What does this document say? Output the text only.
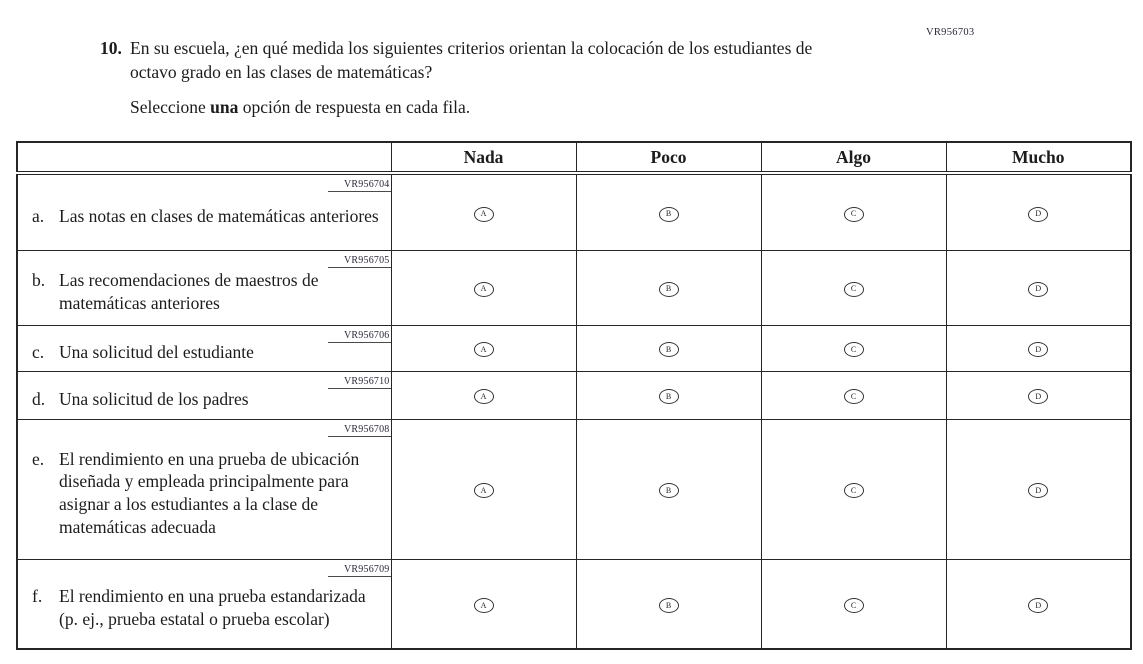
VR956703
10. En su escuela, ¿en qué medida los siguientes criterios orientan la colocación de los estudiantes de octavo grado en las clases de matemáticas?
Seleccione una opción de respuesta en cada fila.
	Nada	Poco	Algo	Mucho

VR956704
a. Las notas en clases de matemáticas anteriores	A	B	C	D

VR956705
b. Las recomendaciones de maestros de matemáticas anteriores	A	B	C	D

VR956706
c. Una solicitud del estudiante	A	B	C	D

VR956710
d. Una solicitud de los padres	A	B	C	D

VR956708
e. El rendimiento en una prueba de ubicación diseñada y empleada principalmente para asignar a los estudiantes a la clase de matemáticas adecuada	A	B	C	D

VR956709
f. El rendimiento en una prueba estandarizada (p. ej., prueba estatal o prueba escolar)	A	B	C	D
